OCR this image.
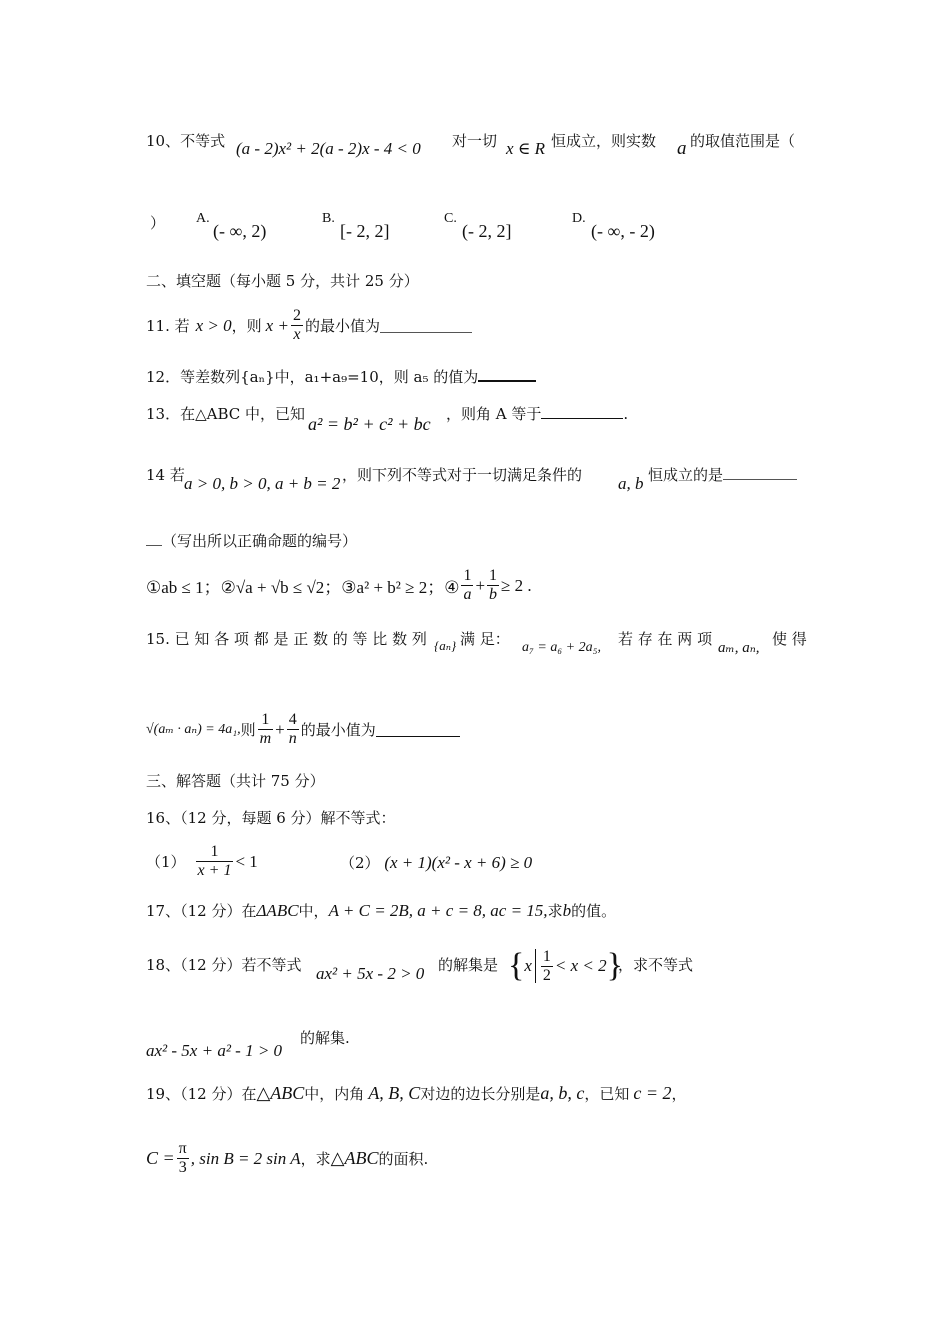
10、不等式 (a - 2)x² + 2(a - 2)x - 4 < 0 对一切 x ∈ R 恒成立，则实数 a 的取值范围是（
） A.
(- ∞, 2)
B.
[- 2, 2]
C.
(- 2, 2]
D.
(- ∞, - 2)
二、填空题（每小题 5 分，共计 25 分）
11. 若 x > 0 ，则 $x + \frac{2}{x}$ 的最小值为
12．等差数列{aₙ}中，a₁+a₉=10，则 a₅ 的值为
13．在△ABC 中，已知 a² = b² + c² + bc ，则角 A 等于	.
14 若 a > 0, b > 0, a + b = 2 ，则下列不等式对于一切满足条件的 a, b 恒成立的是
（写出所以正确命题的编号）
①ab ≤ 1；②√a + √b ≤ √2；③a² + b² ≥ 2；④ $\frac{1}{a} + \frac{1}{b} \ge 2$ .
15. 已 知 各 项 都 是 正 数 的 等 比 数 列 {aₙ} 满 足： a₇ = a₆ + 2a₅, 若 存 在 两 项 aₘ, aₙ, 使 得
√(aₘ · aₙ) = 4a₁, 则 $\frac{1}{m} + \frac{4}{n}$ 的最小值为
三、解答题（共计 75 分）
16、（12 分，每题 6 分）解不等式：
$(1) \frac{1}{x + 1} < 1$	（2） (x + 1)(x² - x + 6) ≥ 0
17、（12 分）在ΔABC中，A + C = 2B, a + c = 8, ac = 15,求b的值。
18、（12 分）若不等式 ax² + 5x - 2 > 0 的解集是 { x $\frac{1}{2} < x < 2$ }
，求不等式
ax² - 5x + a² - 1 > 0
的解集.
19、（12 分）在 △ABC 中，内角 A, B, C 对边的边长分别是 a, b, c ，已知 c = 2 ，
$C = \frac{\pi}{3}$ , sin B = 2 sin A ，求 △ABC 的面积.
